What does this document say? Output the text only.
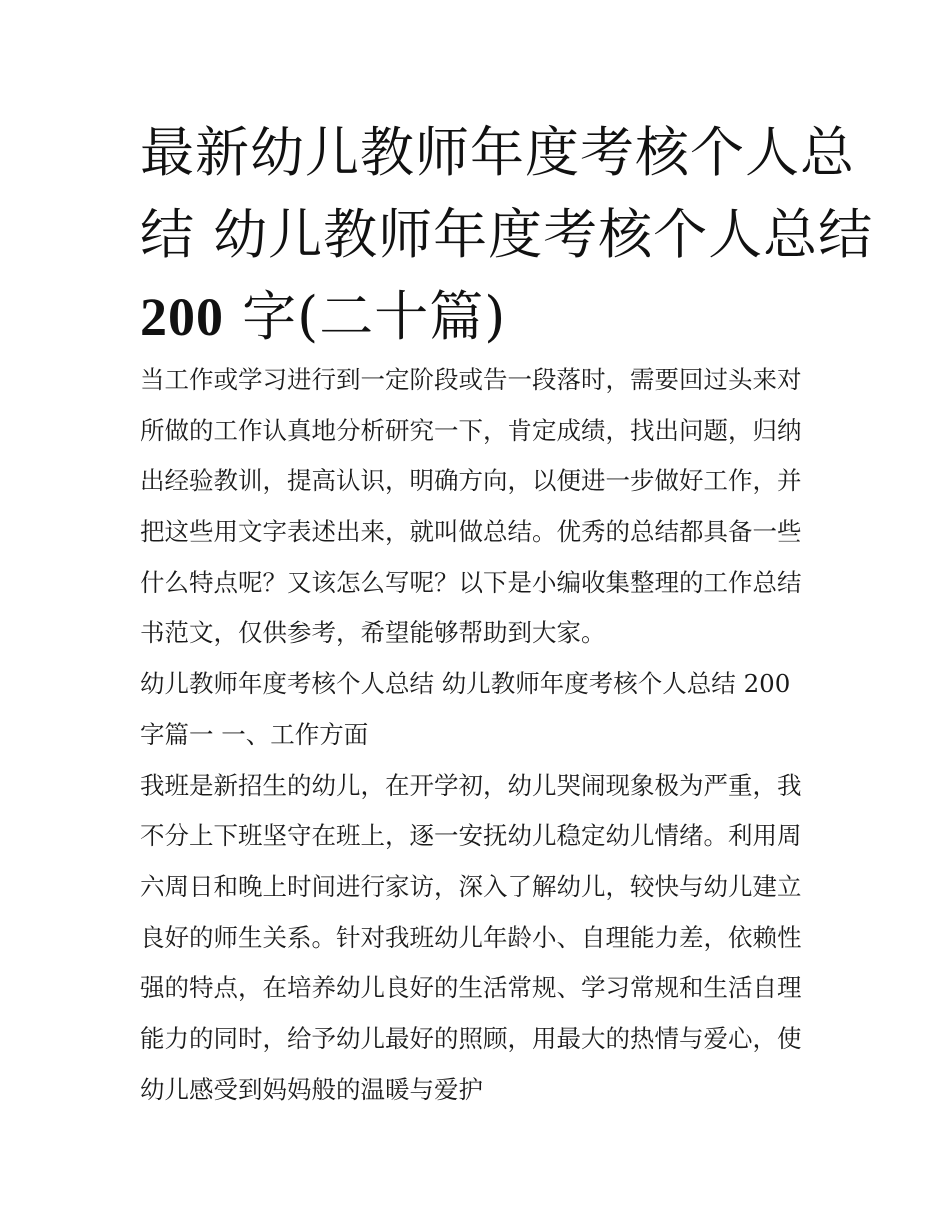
最新幼儿教师年度考核个人总
结 幼儿教师年度考核个人总结
200 字(二十篇)
当工作或学习进行到一定阶段或告一段落时，需要回过头来对
所做的工作认真地分析研究一下，肯定成绩，找出问题，归纳
出经验教训，提高认识，明确方向，以便进一步做好工作，并
把这些用文字表述出来，就叫做总结。优秀的总结都具备一些
什么特点呢？又该怎么写呢？以下是小编收集整理的工作总结
书范文，仅供参考，希望能够帮助到大家。
幼儿教师年度考核个人总结 幼儿教师年度考核个人总结 200
字篇一 一、工作方面
我班是新招生的幼儿，在开学初，幼儿哭闹现象极为严重，我
不分上下班坚守在班上，逐一安抚幼儿稳定幼儿情绪。利用周
六周日和晚上时间进行家访，深入了解幼儿，较快与幼儿建立
良好的师生关系。针对我班幼儿年龄小、自理能力差，依赖性
强的特点，在培养幼儿良好的生活常规、学习常规和生活自理
能力的同时，给予幼儿最好的照顾，用最大的热情与爱心，使
幼儿感受到妈妈般的温暖与爱护
